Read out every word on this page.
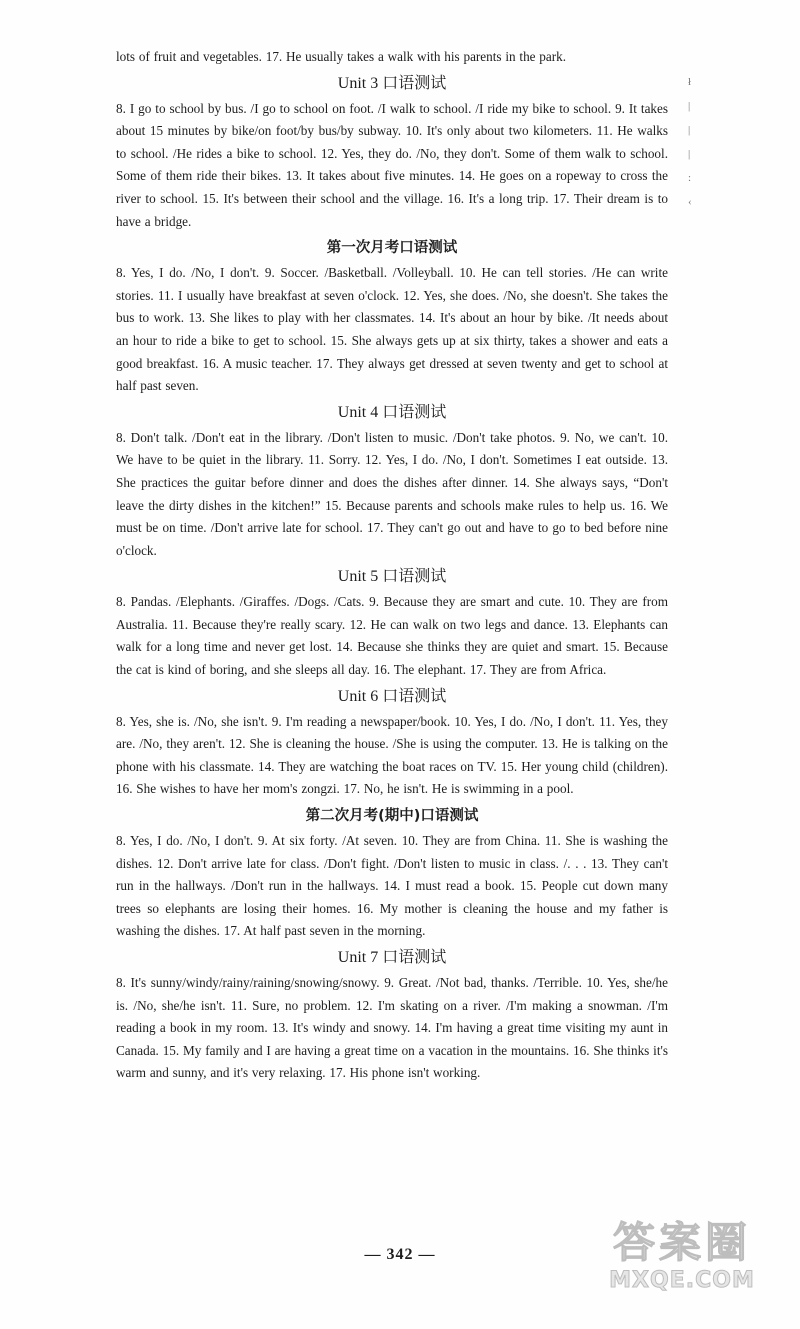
lots of fruit and vegetables. 17. He usually takes a walk with his parents in the park.

Unit 3 口语测试

8. I go to school by bus. /I go to school on foot. /I walk to school. /I ride my bike to school. 9. It takes about 15 minutes by bike/on foot/by bus/by subway. 10. It's only about two kilometers. 11. He walks to school. /He rides a bike to school. 12. Yes, they do. /No, they don't. Some of them walk to school. Some of them ride their bikes. 13. It takes about five minutes. 14. He goes on a ropeway to cross the river to school. 15. It's between their school and the village. 16. It's a long trip. 17. Their dream is to have a bridge.

第一次月考口语测试

8. Yes, I do. /No, I don't. 9. Soccer. /Basketball. /Volleyball. 10. He can tell stories. /He can write stories. 11. I usually have breakfast at seven o'clock. 12. Yes, she does. /No, she doesn't. She takes the bus to work. 13. She likes to play with her classmates. 14. It's about an hour by bike. /It needs about an hour to ride a bike to get to school. 15. She always gets up at six thirty, takes a shower and eats a good breakfast. 16. A music teacher. 17. They always get dressed at seven twenty and get to school at half past seven.

Unit 4 口语测试

8. Don't talk. /Don't eat in the library. /Don't listen to music. /Don't take photos. 9. No, we can't. 10. We have to be quiet in the library. 11. Sorry. 12. Yes, I do. /No, I don't. Sometimes I eat outside. 13. She practices the guitar before dinner and does the dishes after dinner. 14. She always says, “Don't leave the dirty dishes in the kitchen!” 15. Because parents and schools make rules to help us. 16. We must be on time. /Don't arrive late for school. 17. They can't go out and have to go to bed before nine o'clock.

Unit 5 口语测试

8. Pandas. /Elephants. /Giraffes. /Dogs. /Cats. 9. Because they are smart and cute. 10. They are from Australia. 11. Because they're really scary. 12. He can walk on two legs and dance. 13. Elephants can walk for a long time and never get lost. 14. Because she thinks they are quiet and smart. 15. Because the cat is kind of boring, and she sleeps all day. 16. The elephant. 17. They are from Africa.

Unit 6 口语测试

8. Yes, she is. /No, she isn't. 9. I'm reading a newspaper/book. 10. Yes, I do. /No, I don't. 11. Yes, they are. /No, they aren't. 12. She is cleaning the house. /She is using the computer. 13. He is talking on the phone with his classmate. 14. They are watching the boat races on TV. 15. Her young child (children). 16. She wishes to have her mom's zongzi. 17. No, he isn't. He is swimming in a pool.

第二次月考(期中)口语测试

8. Yes, I do. /No, I don't. 9. At six forty. /At seven. 10. They are from China. 11. She is washing the dishes. 12. Don't arrive late for class. /Don't fight. /Don't listen to music in class. /. . . 13. They can't run in the hallways. /Don't run in the hallways. 14. I must read a book. 15. People cut down many trees so elephants are losing their homes. 16. My mother is cleaning the house and my father is washing the dishes. 17. At half past seven in the morning.

Unit 7 口语测试

8. It's sunny/windy/rainy/raining/snowing/snowy. 9. Great. /Not bad, thanks. /Terrible. 10. Yes, she/he is. /No, she/he isn't. 11. Sure, no problem. 12. I'm skating on a river. /I'm making a snowman. /I'm reading a book in my room. 13. It's windy and snowy. 14. I'm having a great time visiting my aunt in Canada. 15. My family and I are having a great time on a vacation in the mountains. 16. She thinks it's warm and sunny, and it's very relaxing. 17. His phone isn't working.

ł
|
|
|
:
‹
— 342 —	答案圈
MXQE.COM
